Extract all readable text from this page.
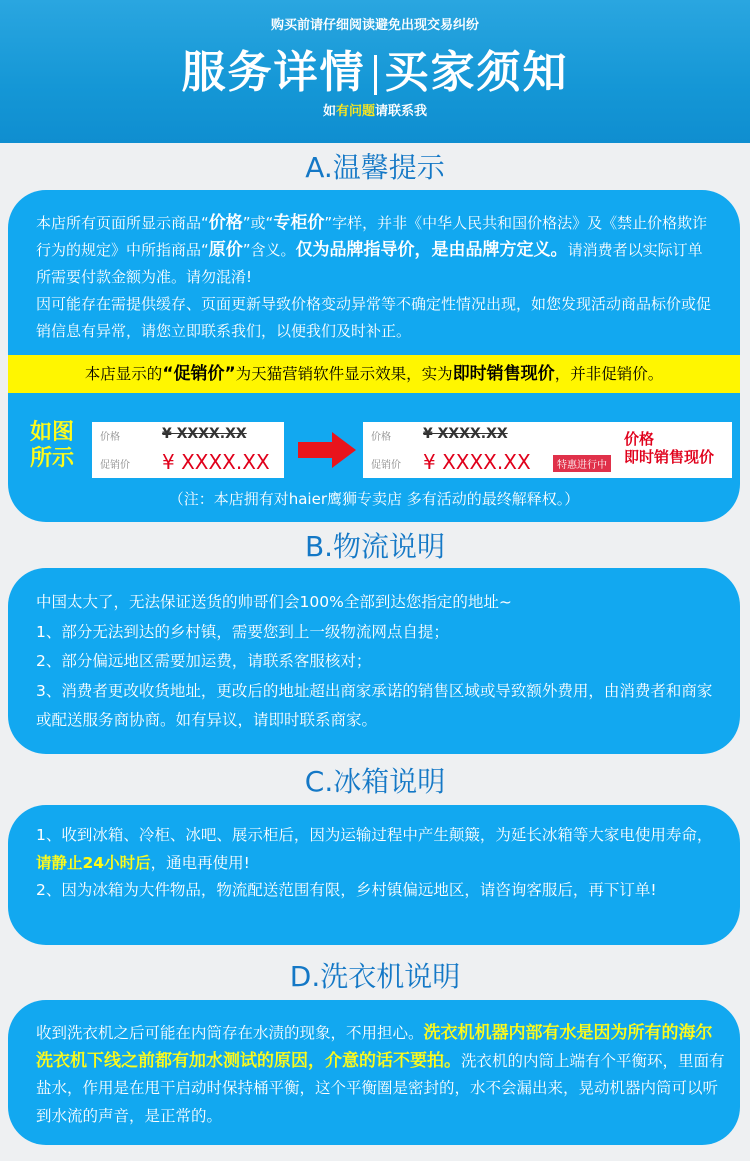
购买前请仔细阅读避免出现交易纠纷
服务详情 买家须知
如有问题请联系我
A.温馨提示

本店所有页面所显示商品“价格”或“专柜价”字样，并非《中华人民共和国价格法》及《禁止价格欺诈行为的规定》中所指商品“原价”含义。仅为品牌指导价，是由品牌方定义。请消费者以实际订单所需要付款金额为准。请勿混淆!

因可能存在需提供缓存、页面更新导致价格变动异常等不确定性情况出现，如您发现活动商品标价或促销信息有异常，请您立即联系我们，以便我们及时补正。

本店显示的“促销价”为天猫营销软件显示效果，实为即时销售现价，并非促销价。
如图所示
价格
促销价
¥ XXXX.XX
¥ XXXX.XX
价格
促销价
¥ XXXX.XX
¥ XXXX.XX	特惠进行中
价格
即时销售现价
（注：本店拥有对haier鹰狮专卖店 多有活动的最终解释权。）
B.物流说明

中国太大了，无法保证送货的帅哥们会100%全部到达您指定的地址~

1、部分无法到达的乡村镇，需要您到上一级物流网点自提；

2、部分偏远地区需要加运费，请联系客服核对；

3、消费者更改收货地址，更改后的地址超出商家承诺的销售区域或导致额外费用，由消费者和商家或配送服务商协商。如有异议，请即时联系商家。

C.冰箱说明

1、收到冰箱、冷柜、冰吧、展示柜后，因为运输过程中产生颠簸，为延长冰箱等大家电使用寿命，请静止24小时后，通电再使用!

2、因为冰箱为大件物品，物流配送范围有限，乡村镇偏远地区，请咨询客服后，再下订单!

D.洗衣机说明

收到洗衣机之后可能在内筒存在水渍的现象，不用担心。洗衣机机器内部有水是因为所有的海尔洗衣机下线之前都有加水测试的原因，介意的话不要拍。洗衣机的内筒上端有个平衡环，里面有盐水，作用是在甩干启动时保持桶平衡，这个平衡圈是密封的，水不会漏出来，晃动机器内筒可以听到水流的声音，是正常的。
